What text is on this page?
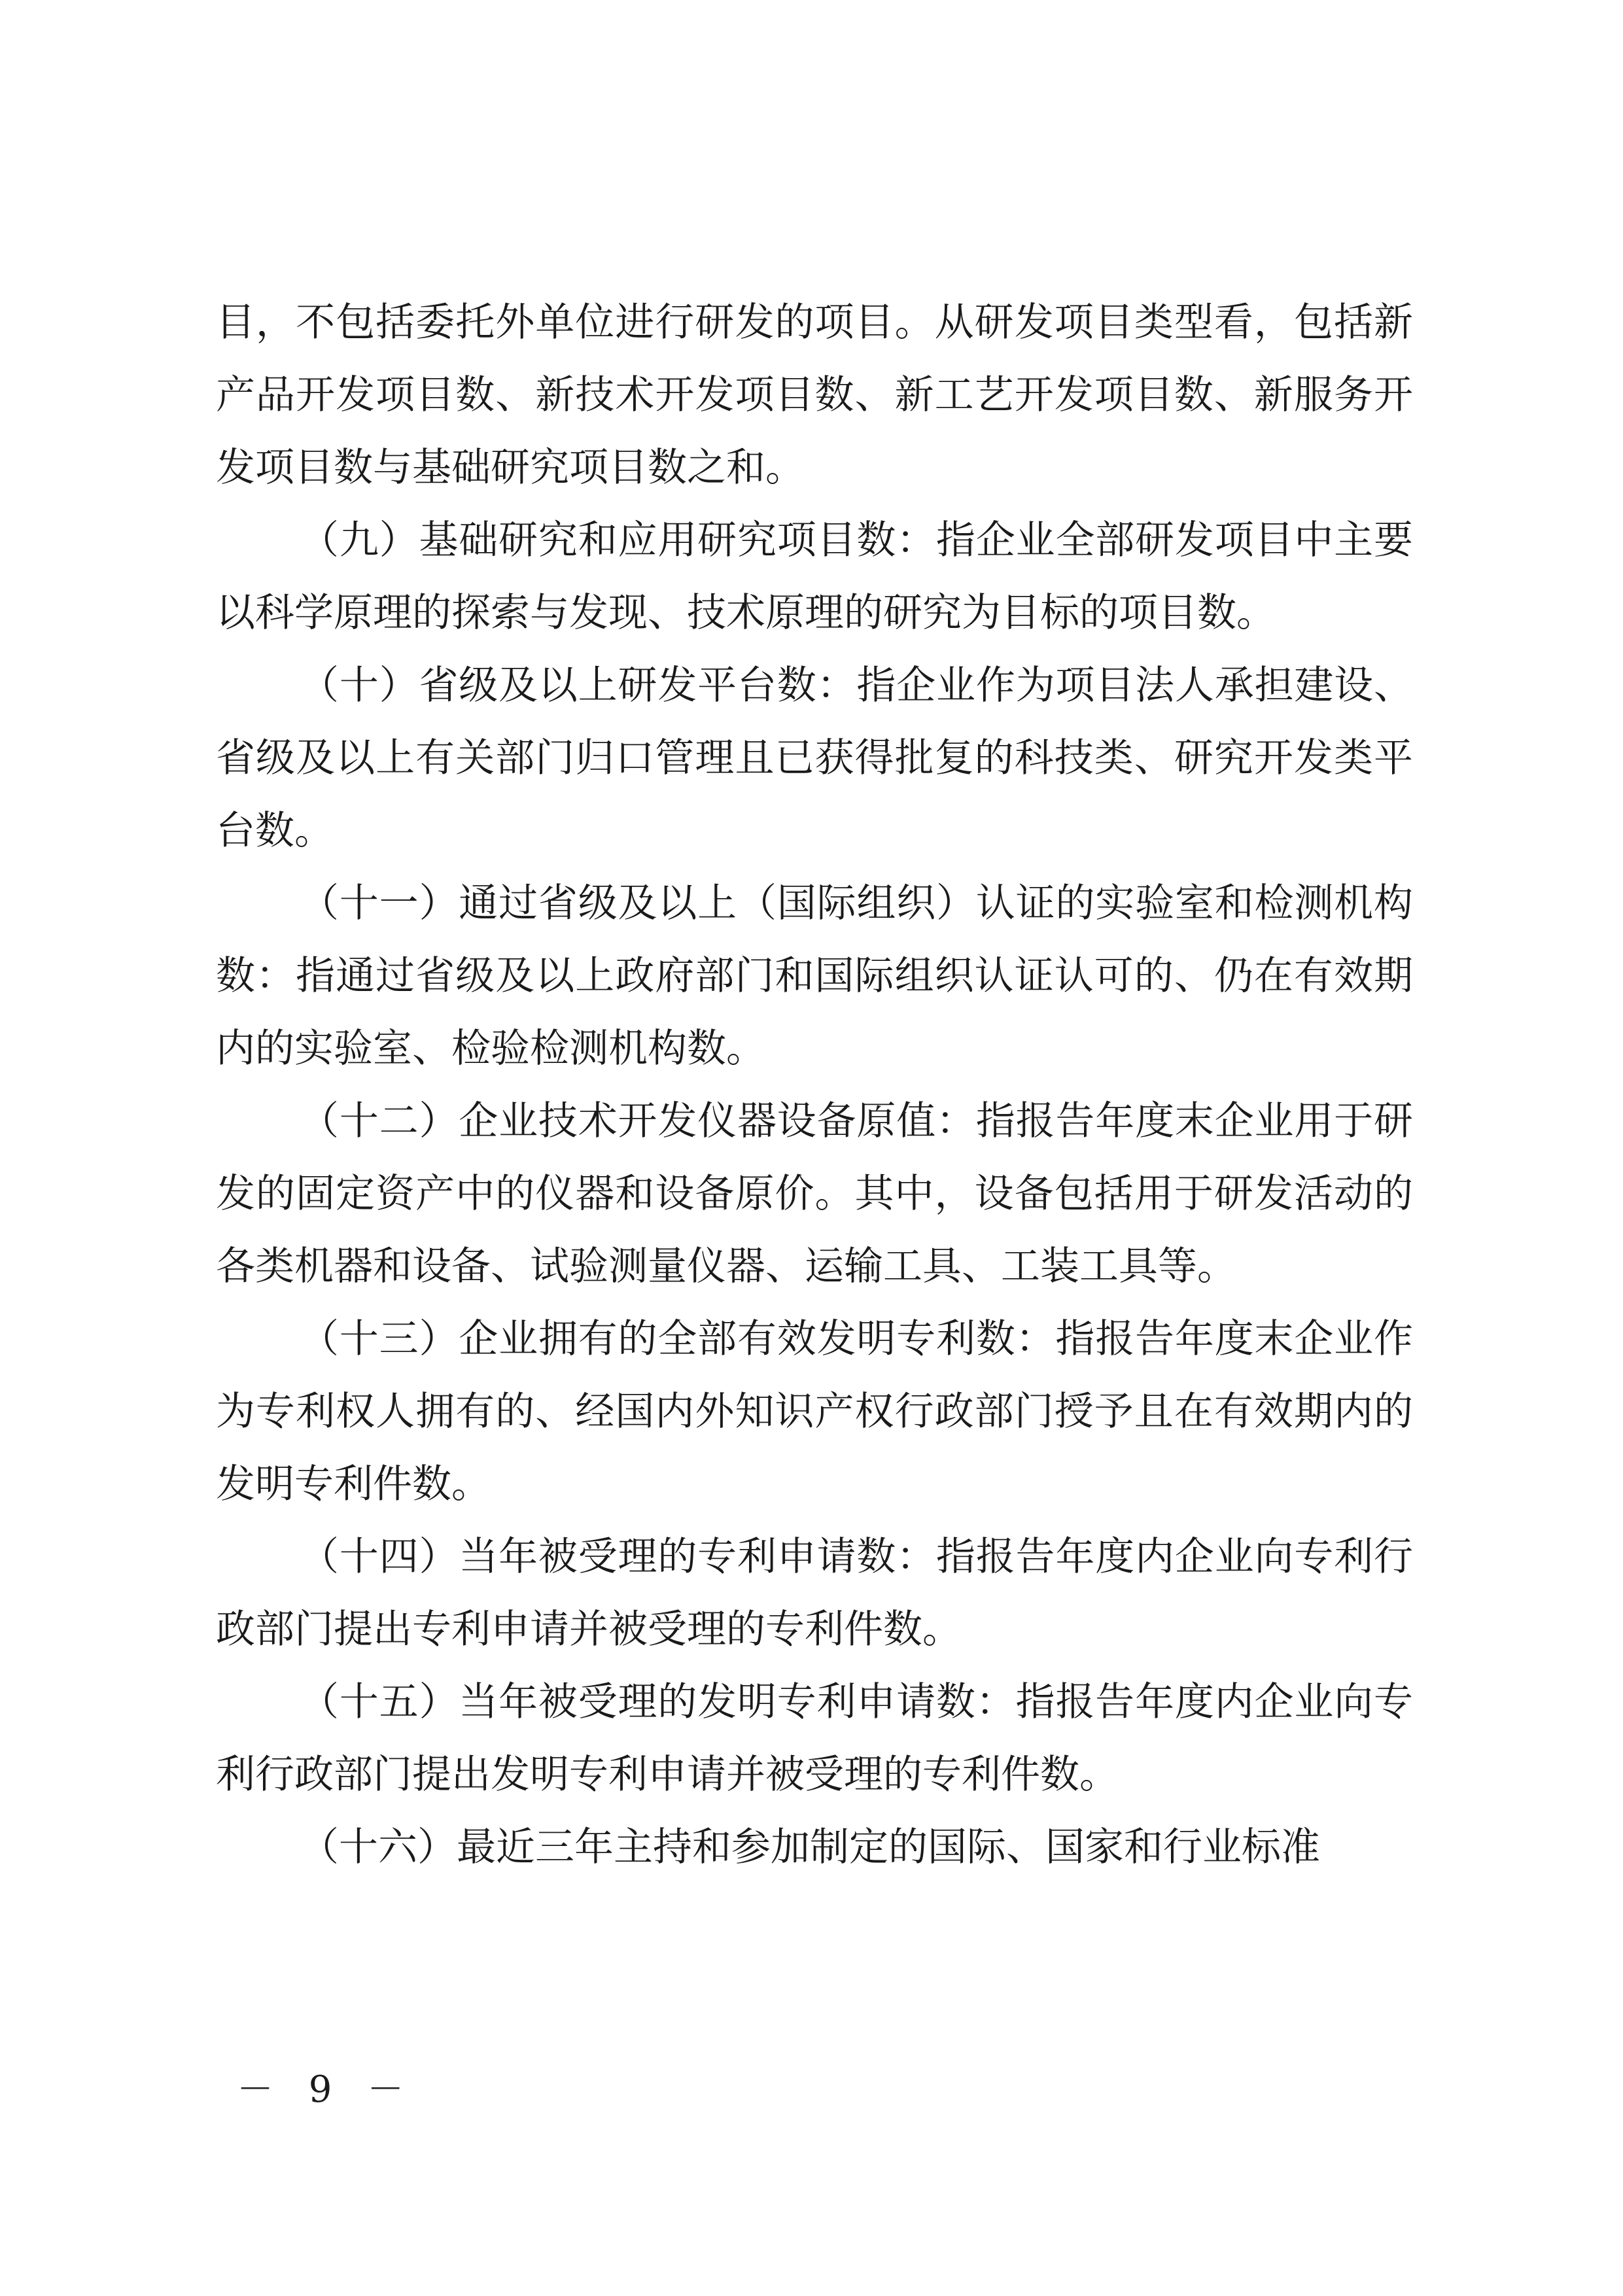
目，不包括委托外单位进行研发的项目。从研发项目类型看，包括新产品开发项目数、新技术开发项目数、新工艺开发项目数、新服务开发项目数与基础研究项目数之和。

（九）基础研究和应用研究项目数：指企业全部研发项目中主要以科学原理的探索与发现、技术原理的研究为目标的项目数。

（十）省级及以上研发平台数：指企业作为项目法人承担建设、省级及以上有关部门归口管理且已获得批复的科技类、研究开发类平台数。

（十一）通过省级及以上（国际组织）认证的实验室和检测机构数：指通过省级及以上政府部门和国际组织认证认可的、仍在有效期内的实验室、检验检测机构数。

（十二）企业技术开发仪器设备原值：指报告年度末企业用于研发的固定资产中的仪器和设备原价。其中，设备包括用于研发活动的各类机器和设备、试验测量仪器、运输工具、工装工具等。

（十三）企业拥有的全部有效发明专利数：指报告年度末企业作为专利权人拥有的、经国内外知识产权行政部门授予且在有效期内的发明专利件数。

（十四）当年被受理的专利申请数：指报告年度内企业向专利行政部门提出专利申请并被受理的专利件数。

（十五）当年被受理的发明专利申请数：指报告年度内企业向专利行政部门提出发明专利申请并被受理的专利件数。

（十六）最近三年主持和参加制定的国际、国家和行业标准

－ 9 －
